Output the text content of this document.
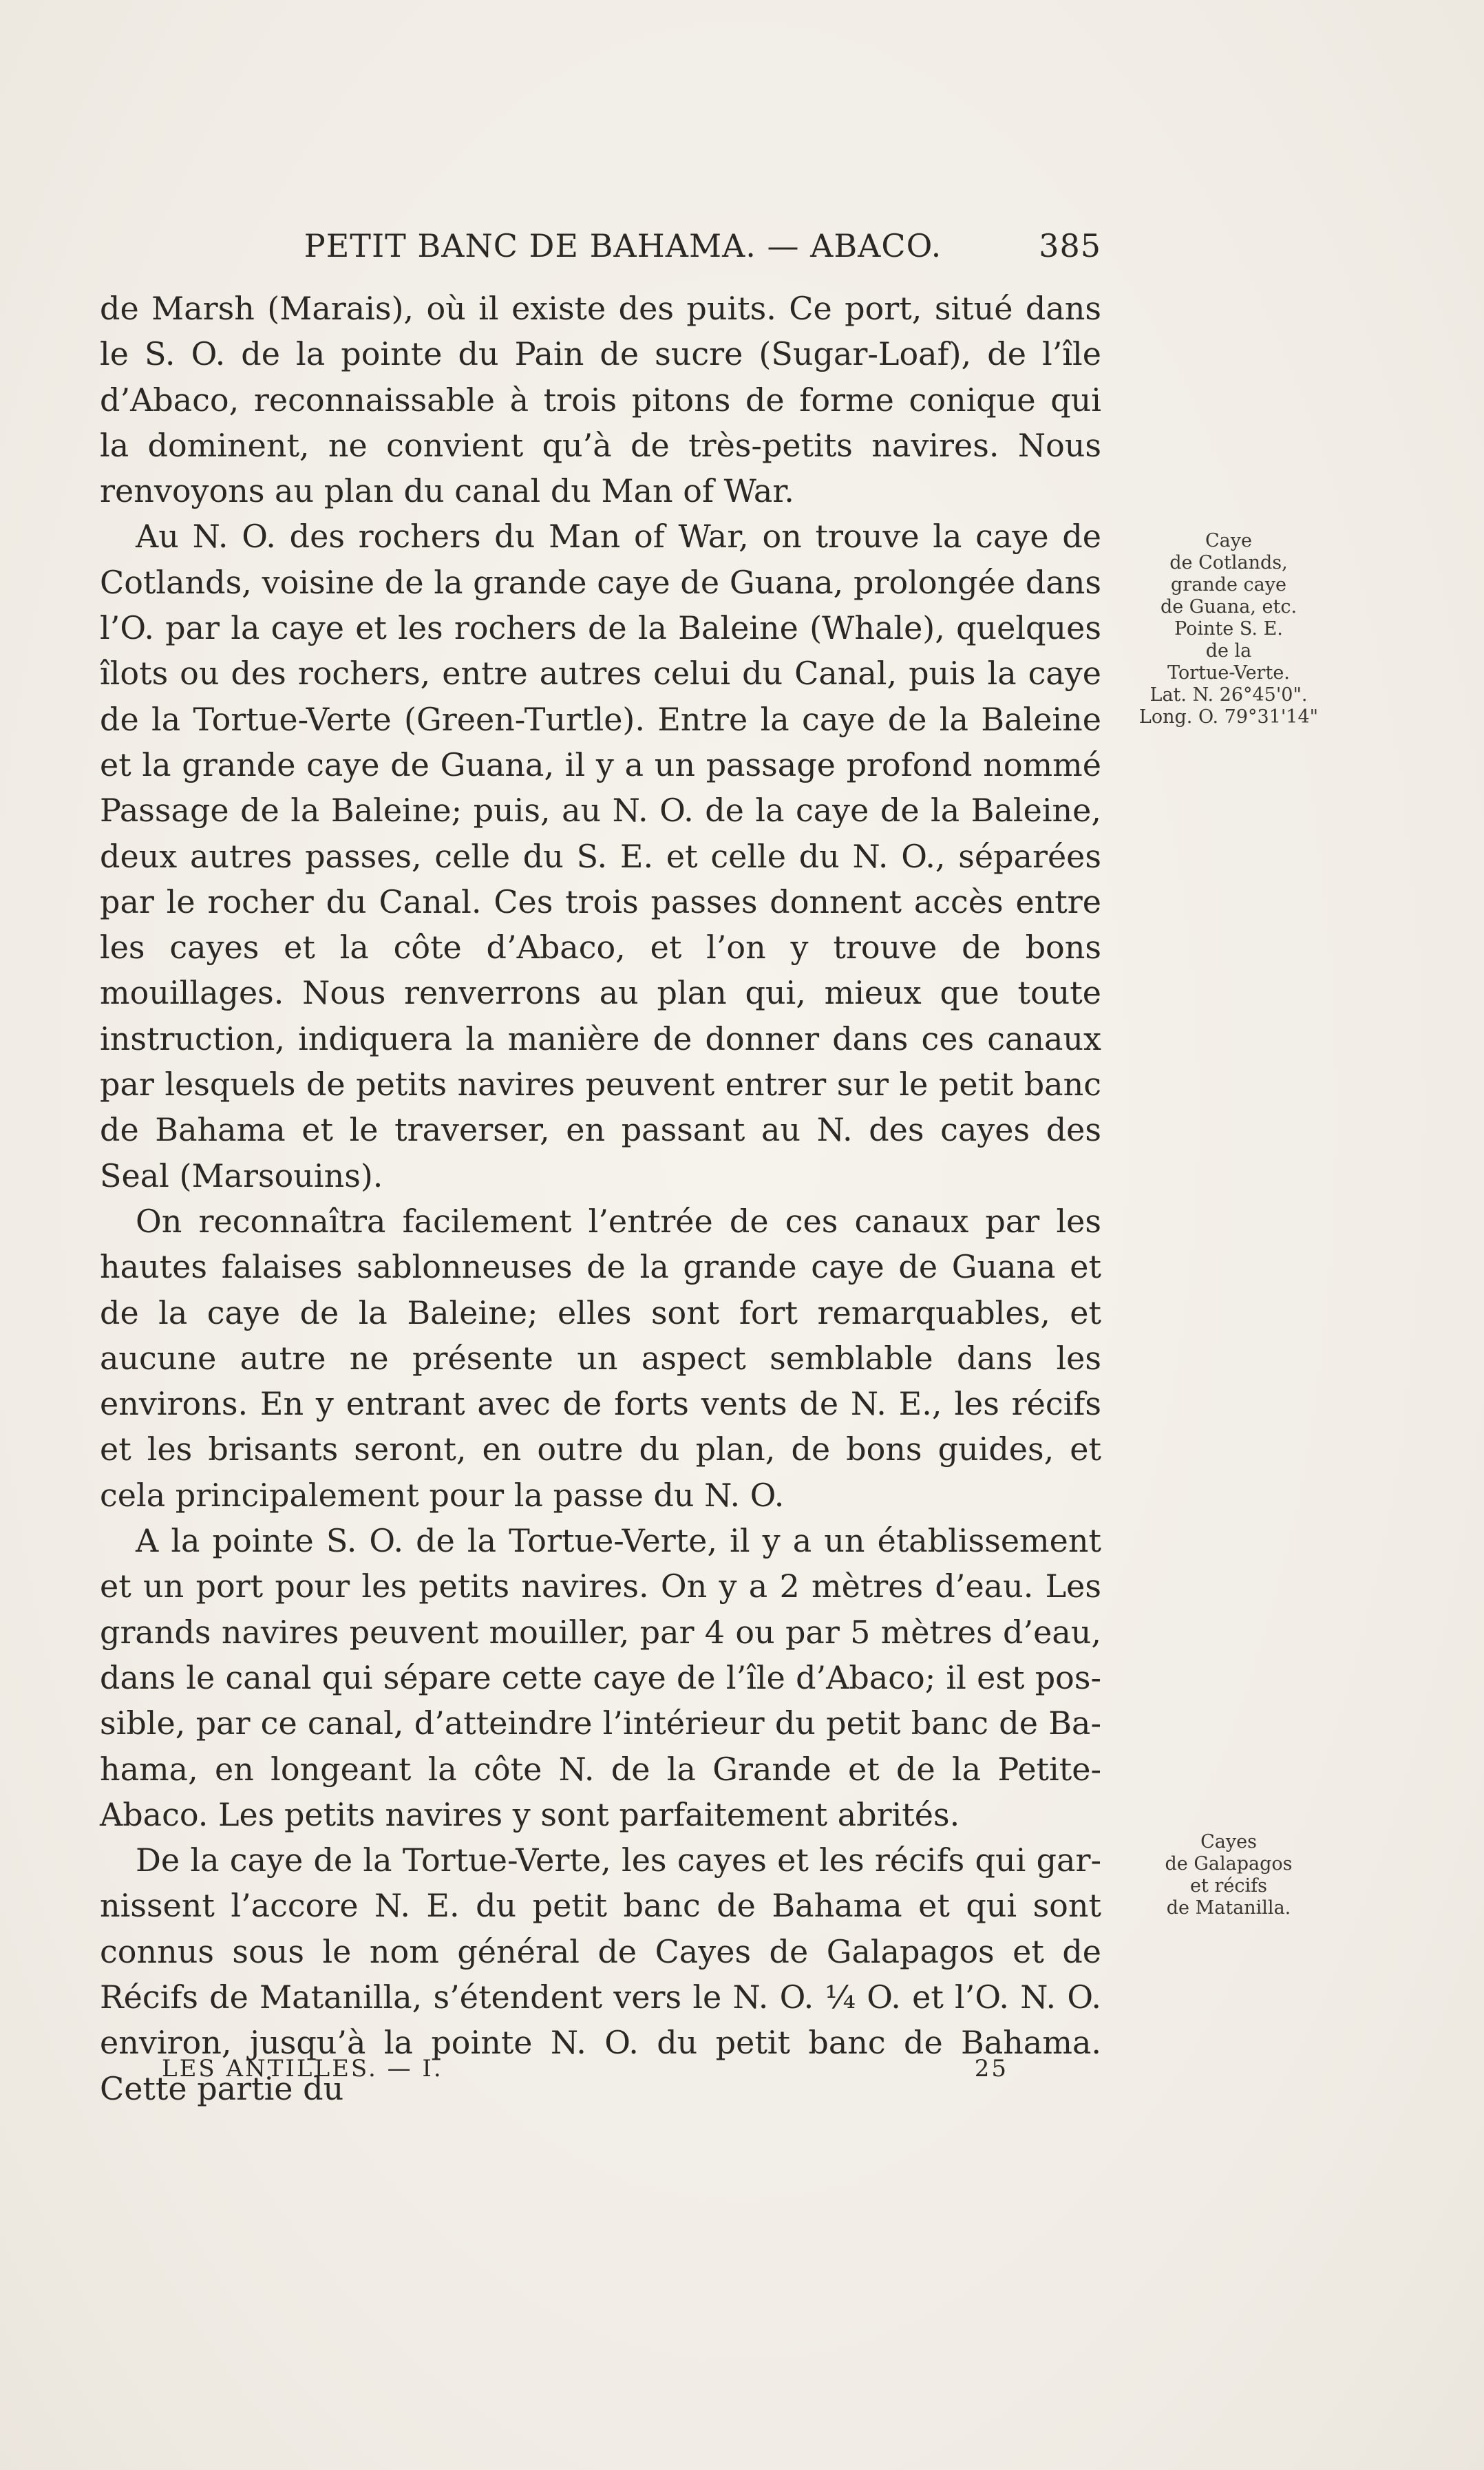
PETIT BANC DE BAHAMA. — ABACO.	385

de Marsh (Marais), où il existe des puits. Ce port, situé dans le S. O. de la pointe du Pain de sucre (Sugar-Loaf), de l’île d’Abaco, reconnaissable à trois pitons de forme conique qui la dominent, ne convient qu’à de très-petits navires. Nous renvoyons au plan du canal du Man of War.

Au N. O. des rochers du Man of War, on trouve la caye de Cotlands, voisine de la grande caye de Guana, prolongée dans l’O. par la caye et les rochers de la Baleine (Whale), quelques îlots ou des rochers, entre autres celui du Canal, puis la caye de la Tortue-Verte (Green-Turtle). Entre la caye de la Baleine et la grande caye de Guana, il y a un passage profond nommé Passage de la Baleine; puis, au N. O. de la caye de la Baleine, deux autres passes, celle du S. E. et celle du N. O., séparées par le rocher du Canal. Ces trois passes donnent accès entre les cayes et la côte d’Abaco, et l’on y trouve de bons mouillages. Nous renverrons au plan qui, mieux que toute instruction, indiquera la manière de donner dans ces canaux par lesquels de petits navires peuvent entrer sur le petit banc de Bahama et le traverser, en passant au N. des cayes des Seal (Marsouins).

On reconnaîtra facilement l’entrée de ces canaux par les hautes falaises sablonneuses de la grande caye de Guana et de la caye de la Baleine; elles sont fort remarquables, et aucune autre ne présente un aspect semblable dans les environs. En y entrant avec de forts vents de N. E., les récifs et les brisants seront, en outre du plan, de bons guides, et cela principalement pour la passe du N. O.

A la pointe S. O. de la Tortue-Verte, il y a un établissement et un port pour les petits navires. On y a 2 mètres d’eau. Les grands navires peuvent mouiller, par 4 ou par 5 mètres d’eau, dans le canal qui sépare cette caye de l’île d’Abaco; il est possible, par ce canal, d’atteindre l’intérieur du petit banc de Bahama, en longeant la côte N. de la Grande et de la Petite-Abaco. Les petits navires y sont parfaitement abrités.

De la caye de la Tortue-Verte, les cayes et les récifs qui garnissent l’accore N. E. du petit banc de Bahama et qui sont connus sous le nom général de Cayes de Galapagos et de Récifs de Matanilla, s’étendent vers le N. O. ¼ O. et l’O. N. O. environ, jusqu’à la pointe N. O. du petit banc de Bahama. Cette partie du

Caye
de Cotlands,
grande caye
de Guana, etc.
Pointe S. E.
de la
Tortue-Verte.
Lat. N. 26°45'0".
Long. O. 79°31'14"
Cayes
de Galapagos
et récifs
de Matanilla.
LES ANTILLES. — I.	25
